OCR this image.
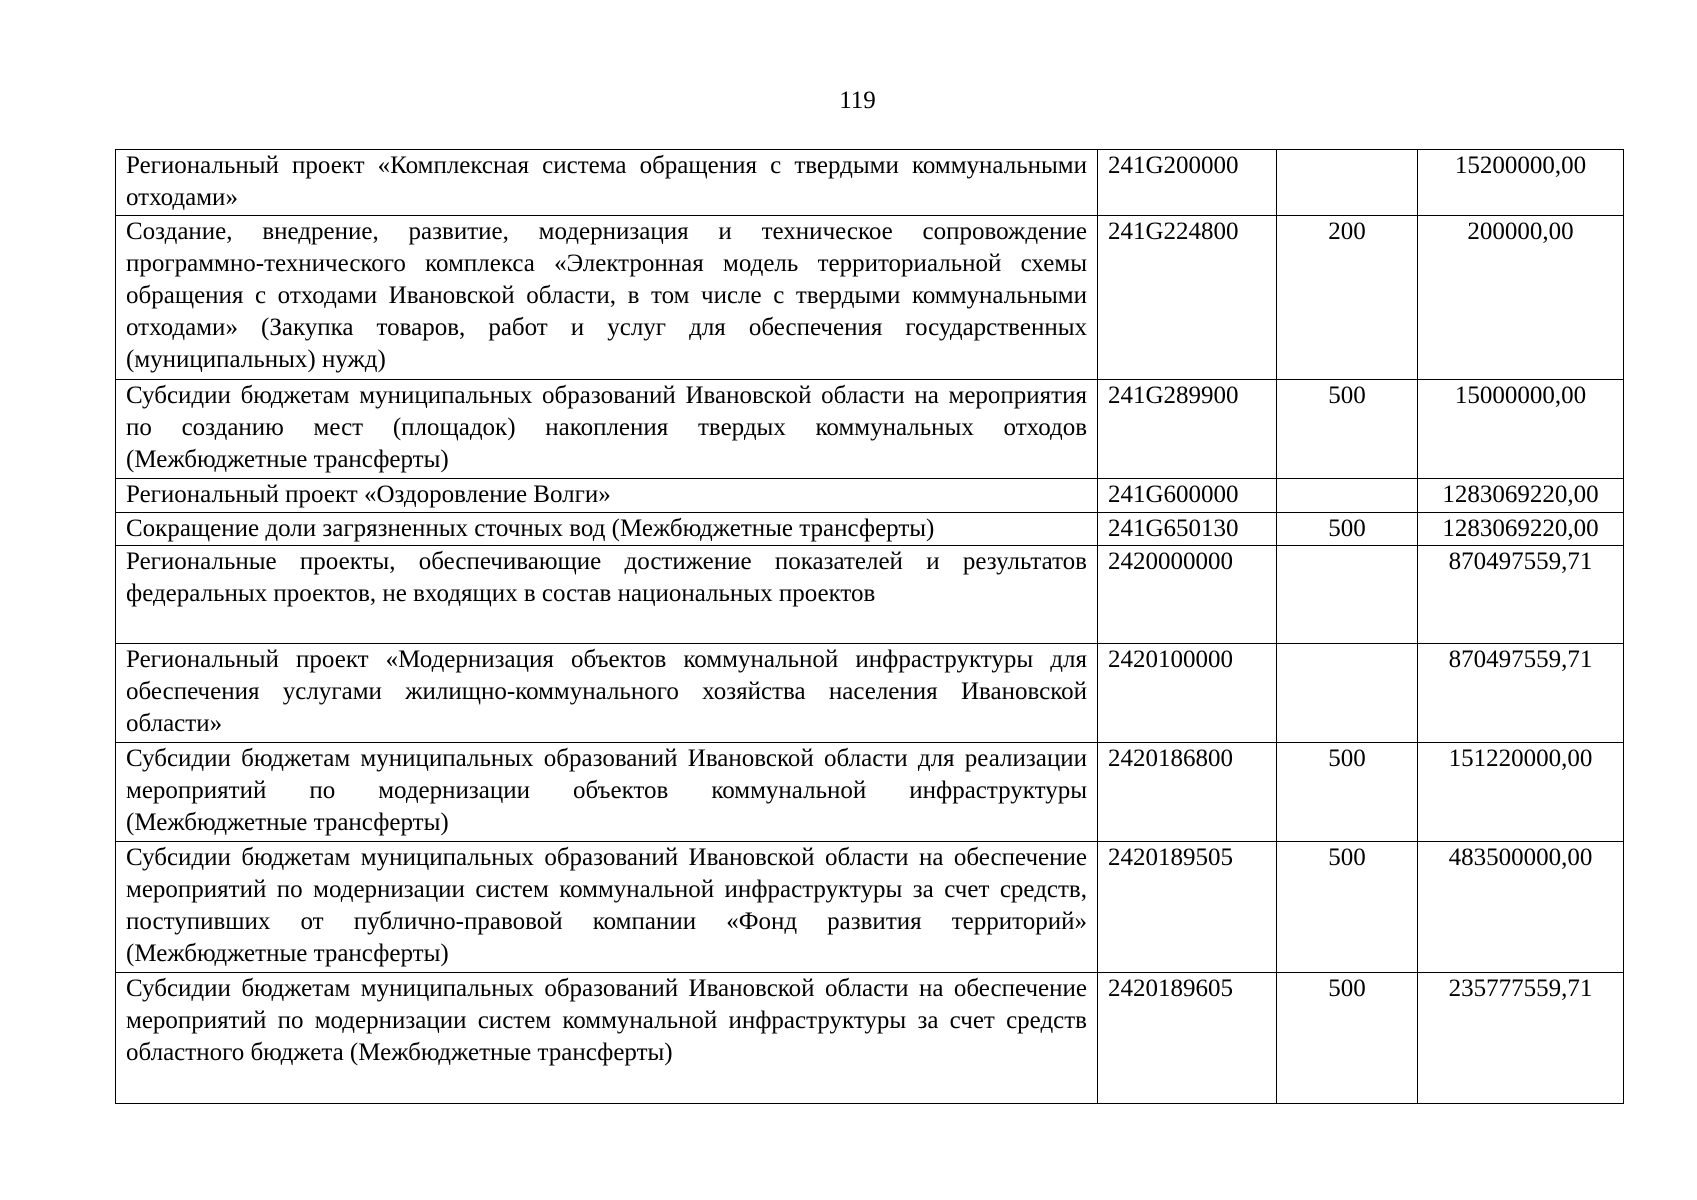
119
Региональный проект «Комплексная система обращения с твердыми коммунальными отходами»	241G200000		15200000,00
Создание, внедрение, развитие, модернизация и техническое сопровождение программно-технического комплекса «Электронная модель территориальной схемы обращения с отходами Ивановской области, в том числе с твердыми коммунальными отходами» (Закупка товаров, работ и услуг для обеспечения государственных (муниципальных) нужд)	241G224800	200	200000,00
Субсидии бюджетам муниципальных образований Ивановской области на мероприятия по созданию мест (площадок) накопления твердых коммунальных отходов (Межбюджетные трансферты)	241G289900	500	15000000,00
Региональный проект «Оздоровление Волги»	241G600000		1283069220,00
Сокращение доли загрязненных сточных вод (Межбюджетные трансферты)	241G650130	500	1283069220,00
Региональные проекты, обеспечивающие достижение показателей и результатов федеральных проектов, не входящих в состав национальных проектов	2420000000		870497559,71
Региональный проект «Модернизация объектов коммунальной инфраструктуры для обеспечения услугами жилищно-коммунального хозяйства населения Ивановской области»	2420100000		870497559,71
Субсидии бюджетам муниципальных образований Ивановской области для реализации мероприятий по модернизации объектов коммунальной инфраструктуры (Межбюджетные трансферты)	2420186800	500	151220000,00
Субсидии бюджетам муниципальных образований Ивановской области на обеспечение мероприятий по модернизации систем коммунальной инфраструктуры за счет средств, поступивших от публично-правовой компании «Фонд развития территорий» (Межбюджетные трансферты)	2420189505	500	483500000,00
Субсидии бюджетам муниципальных образований Ивановской области на обеспечение мероприятий по модернизации систем коммунальной инфраструктуры за счет средств областного бюджета (Межбюджетные трансферты)	2420189605	500	235777559,71
